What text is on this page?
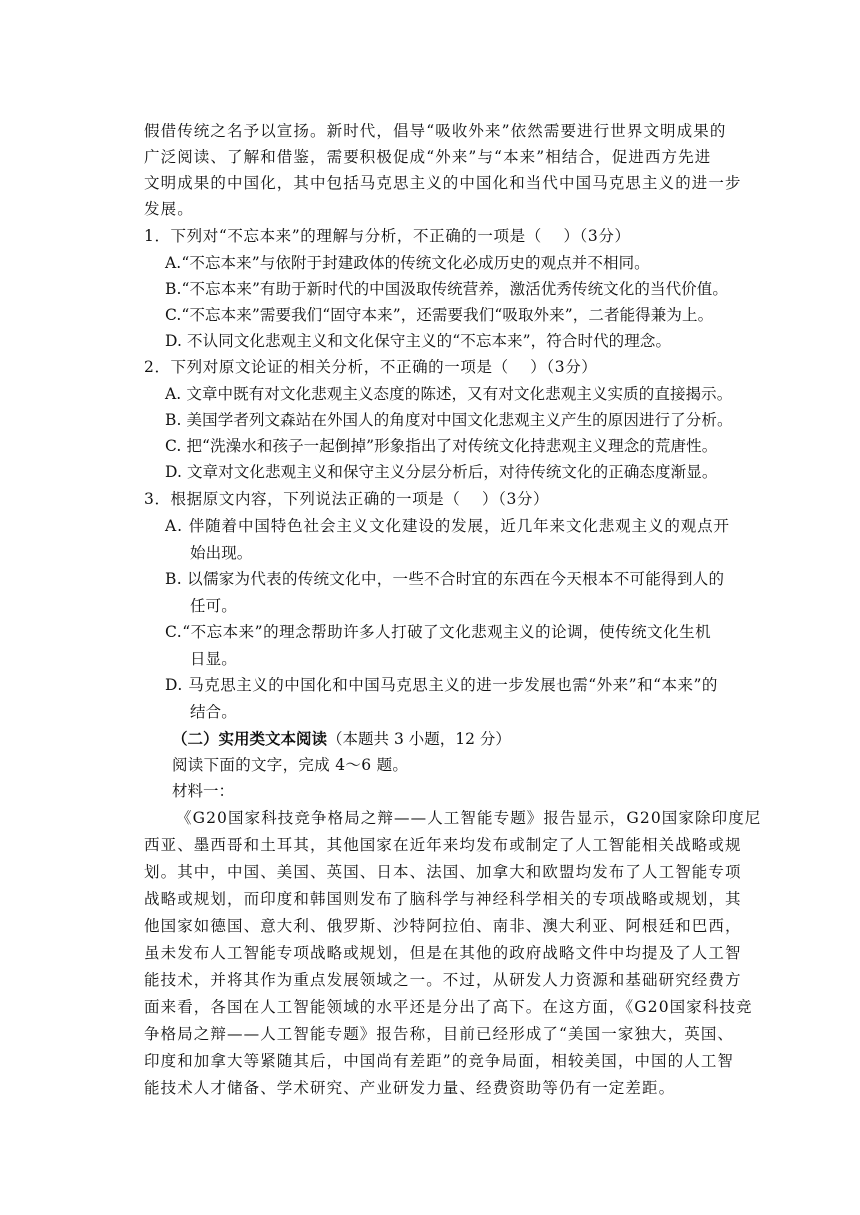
假借传统之名予以宣扬。新时代，倡导“吸收外来”依然需要进行世界文明成果的
广泛阅读、了解和借鉴，需要积极促成“外来”与“本来”相结合，促进西方先进
文明成果的中国化，其中包括马克思主义的中国化和当代中国马克思主义的进一步
发展。
1．下列对“不忘本来”的理解与分析，不正确的一项是（　 ）（3分）
A.“不忘本来”与依附于封建政体的传统文化必成历史的观点并不相同。
B.“不忘本来”有助于新时代的中国汲取传统营养，激活优秀传统文化的当代价值。
C.“不忘本来”需要我们“固守本来”，还需要我们“吸取外来”，二者能得兼为上。
D. 不认同文化悲观主义和文化保守主义的“不忘本来”，符合时代的理念。
2．下列对原文论证的相关分析，不正确的一项是（　 ）（3分）
A. 文章中既有对文化悲观主义态度的陈述，又有对文化悲观主义实质的直接揭示。
B. 美国学者列文森站在外国人的角度对中国文化悲观主义产生的原因进行了分析。
C. 把“洗澡水和孩子一起倒掉”形象指出了对传统文化持悲观主义理念的荒唐性。
D. 文章对文化悲观主义和保守主义分层分析后，对待传统文化的正确态度渐显。
3．根据原文内容，下列说法正确的一项是（　 ）（3分）
A. 伴随着中国特色社会主义文化建设的发展，近几年来文化悲观主义的观点开
始出现。
B. 以儒家为代表的传统文化中，一些不合时宜的东西在今天根本不可能得到人的
任可。
C.“不忘本来”的理念帮助许多人打破了文化悲观主义的论调，使传统文化生机
日显。
D. 马克思主义的中国化和中国马克思主义的进一步发展也需“外来”和“本来”的
结合。
（二）实用类文本阅读（本题共 3 小题，12 分）
阅读下面的文字，完成 4～6 题。
材料一：
《G20国家科技竞争格局之辩——人工智能专题》报告显示，G20国家除印度尼
西亚、墨西哥和土耳其，其他国家在近年来均发布或制定了人工智能相关战略或规
划。其中，中国、美国、英国、日本、法国、加拿大和欧盟均发布了人工智能专项
战略或规划，而印度和韩国则发布了脑科学与神经科学相关的专项战略或规划，其
他国家如德国、意大利、俄罗斯、沙特阿拉伯、南非、澳大利亚、阿根廷和巴西，
虽未发布人工智能专项战略或规划，但是在其他的政府战略文件中均提及了人工智
能技术，并将其作为重点发展领域之一。不过，从研发人力资源和基础研究经费方
面来看，各国在人工智能领域的水平还是分出了高下。在这方面，《G20国家科技竞
争格局之辩——人工智能专题》报告称，目前已经形成了“美国一家独大，英国、
印度和加拿大等紧随其后，中国尚有差距”的竞争局面，相较美国，中国的人工智
能技术人才储备、学术研究、产业研发力量、经费资助等仍有一定差距。
